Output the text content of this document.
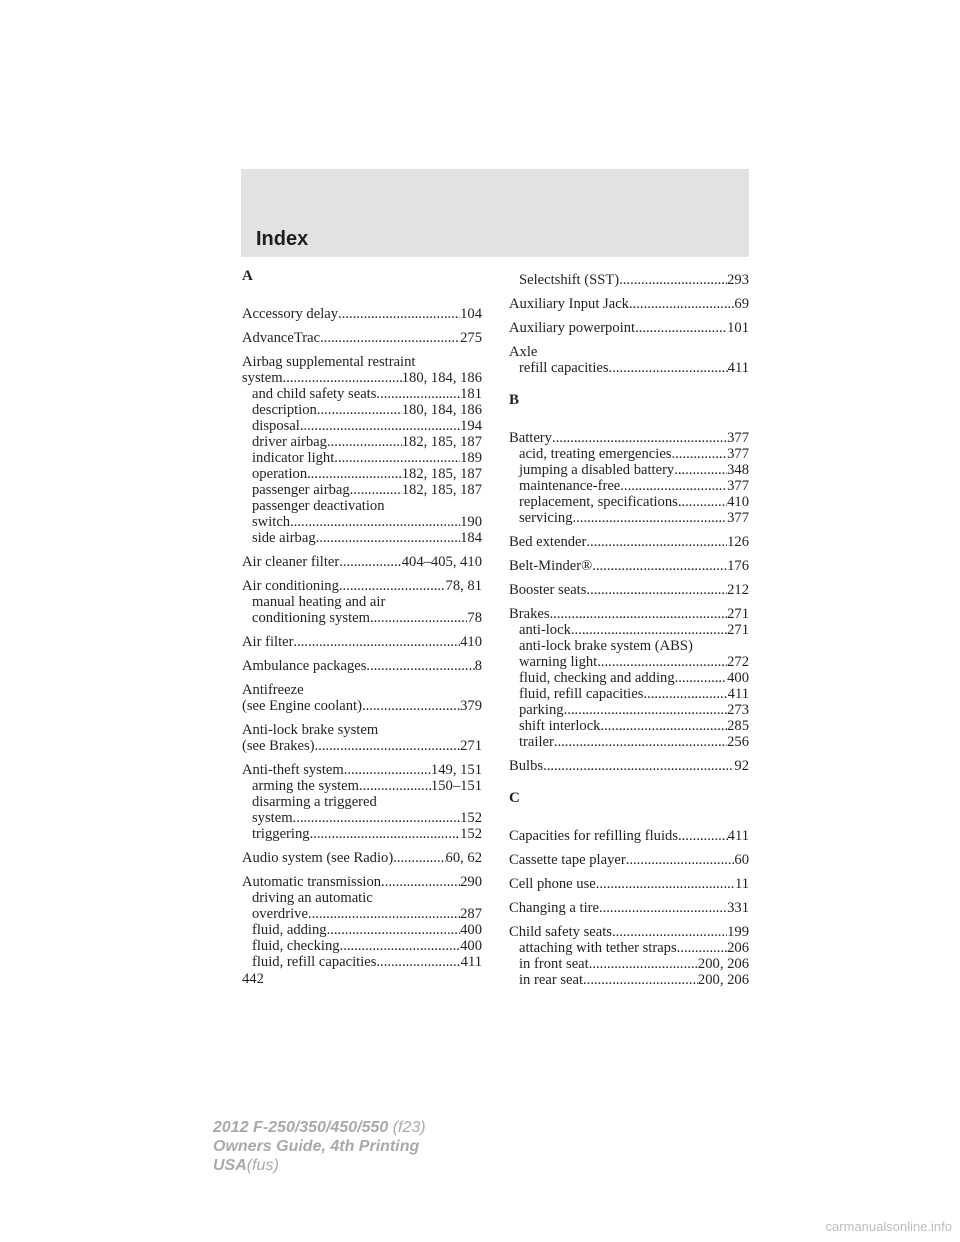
Index
A
Accessory delay .....	104
AdvanceTrac .....	275
Airbag supplemental restraint
system .....	180, 184, 186
and child safety seats .....	181
description .....	180, 184, 186
disposal .....	194
driver airbag .....	182, 185, 187
indicator light .....	189
operation .....	182, 185, 187
passenger airbag .....	182, 185, 187
passenger deactivation
switch .....	190
side airbag .....	184
Air cleaner filter .....	404–405, 410
Air conditioning .....	78, 81
manual heating and air
conditioning system .....	78
Air filter .....	410
Ambulance packages .....	8
Antifreeze
(see Engine coolant) .....	379
Anti-lock brake system
(see Brakes) .....	271
Anti-theft system .....	149, 151
arming the system .....	150–151
disarming a triggered
system .....	152
triggering .....	152
Audio system (see Radio) .....	60, 62
Automatic transmission .....	290
driving an automatic
overdrive .....	287
fluid, adding .....	400
fluid, checking .....	400
fluid, refill capacities .....	411
Selectshift (SST) .....	293
Auxiliary Input Jack .....	69
Auxiliary powerpoint .....	101
Axle
refill capacities .....	411
B
Battery .....	377
acid, treating emergencies .....	377
jumping a disabled battery .....	348
maintenance-free .....	377
replacement, specifications .....	410
servicing .....	377
Bed extender .....	126
Belt-Minder® .....	176
Booster seats .....	212
Brakes .....	271
anti-lock .....	271
anti-lock brake system (ABS)
warning light .....	272
fluid, checking and adding .....	400
fluid, refill capacities .....	411
parking .....	273
shift interlock .....	285
trailer .....	256
Bulbs .....	92
C
Capacities for refilling fluids .....	411
Cassette tape player .....	60
Cell phone use .....	11
Changing a tire .....	331
Child safety seats .....	199
attaching with tether straps .....	206
in front seat .....	200, 206
in rear seat .....	200, 206
442
2012 F-250/350/450/550 (f23)
Owners Guide, 4th Printing
USA(fus)
carmanualsonline.info
